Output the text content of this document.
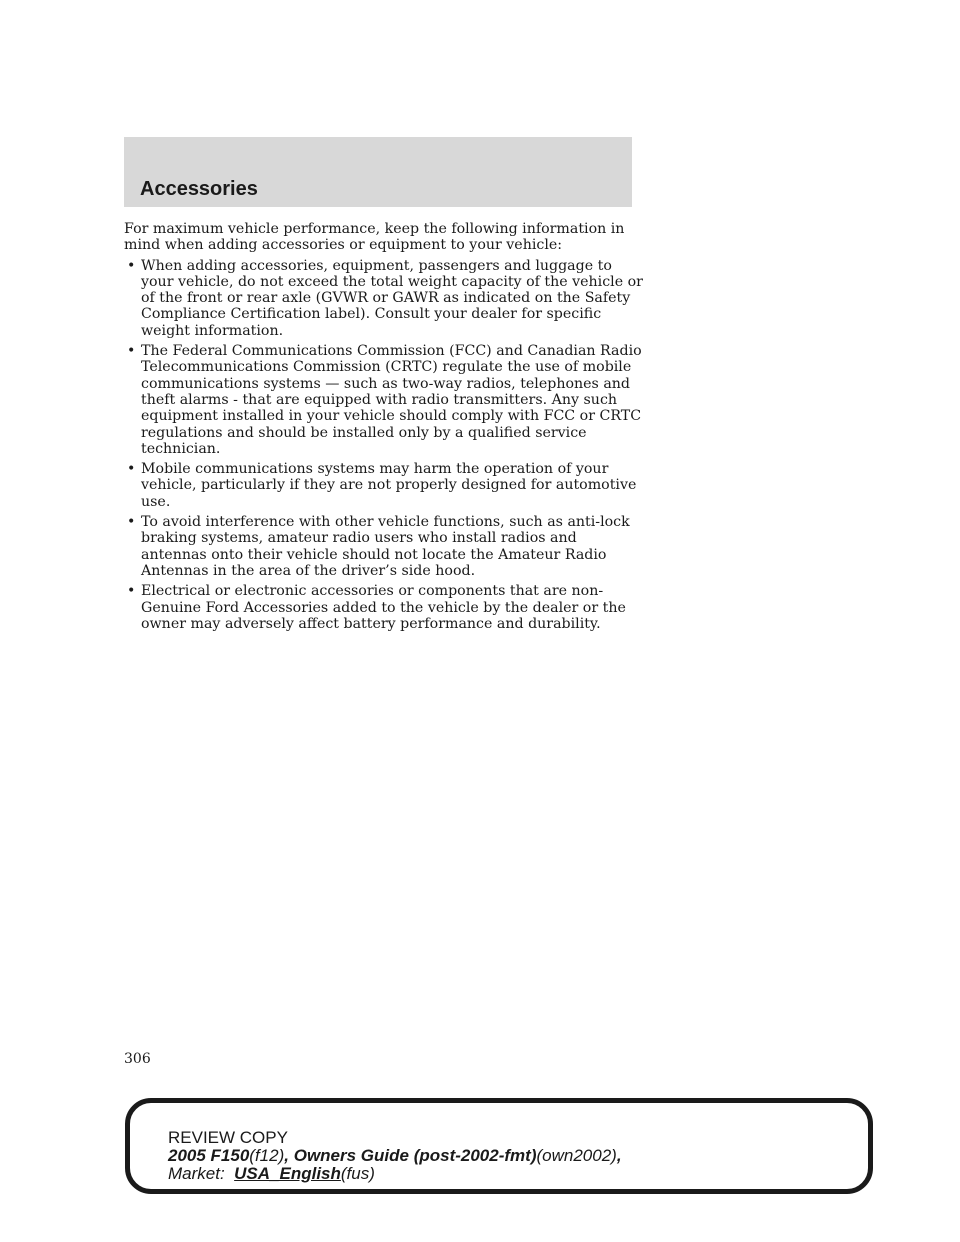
Accessories

For maximum vehicle performance, keep the following information in mind when adding accessories or equipment to your vehicle:

• When adding accessories, equipment, passengers and luggage to your vehicle, do not exceed the total weight capacity of the vehicle or of the front or rear axle (GVWR or GAWR as indicated on the Safety Compliance Certification label). Consult your dealer for specific weight information.
• The Federal Communications Commission (FCC) and Canadian Radio Telecommunications Commission (CRTC) regulate the use of mobile communications systems — such as two-way radios, telephones and theft alarms - that are equipped with radio transmitters. Any such equipment installed in your vehicle should comply with FCC or CRTC regulations and should be installed only by a qualified service technician.
• Mobile communications systems may harm the operation of your vehicle, particularly if they are not properly designed for automotive use.
• To avoid interference with other vehicle functions, such as anti-lock braking systems, amateur radio users who install radios and antennas onto their vehicle should not locate the Amateur Radio Antennas in the area of the driver’s side hood.
• Electrical or electronic accessories or components that are non-Genuine Ford Accessories added to the vehicle by the dealer or the owner may adversely affect battery performance and durability.
306
REVIEW COPY
2005 F150(f12), Owners Guide (post-2002-fmt)(own2002),
Market: USA_English(fus)
